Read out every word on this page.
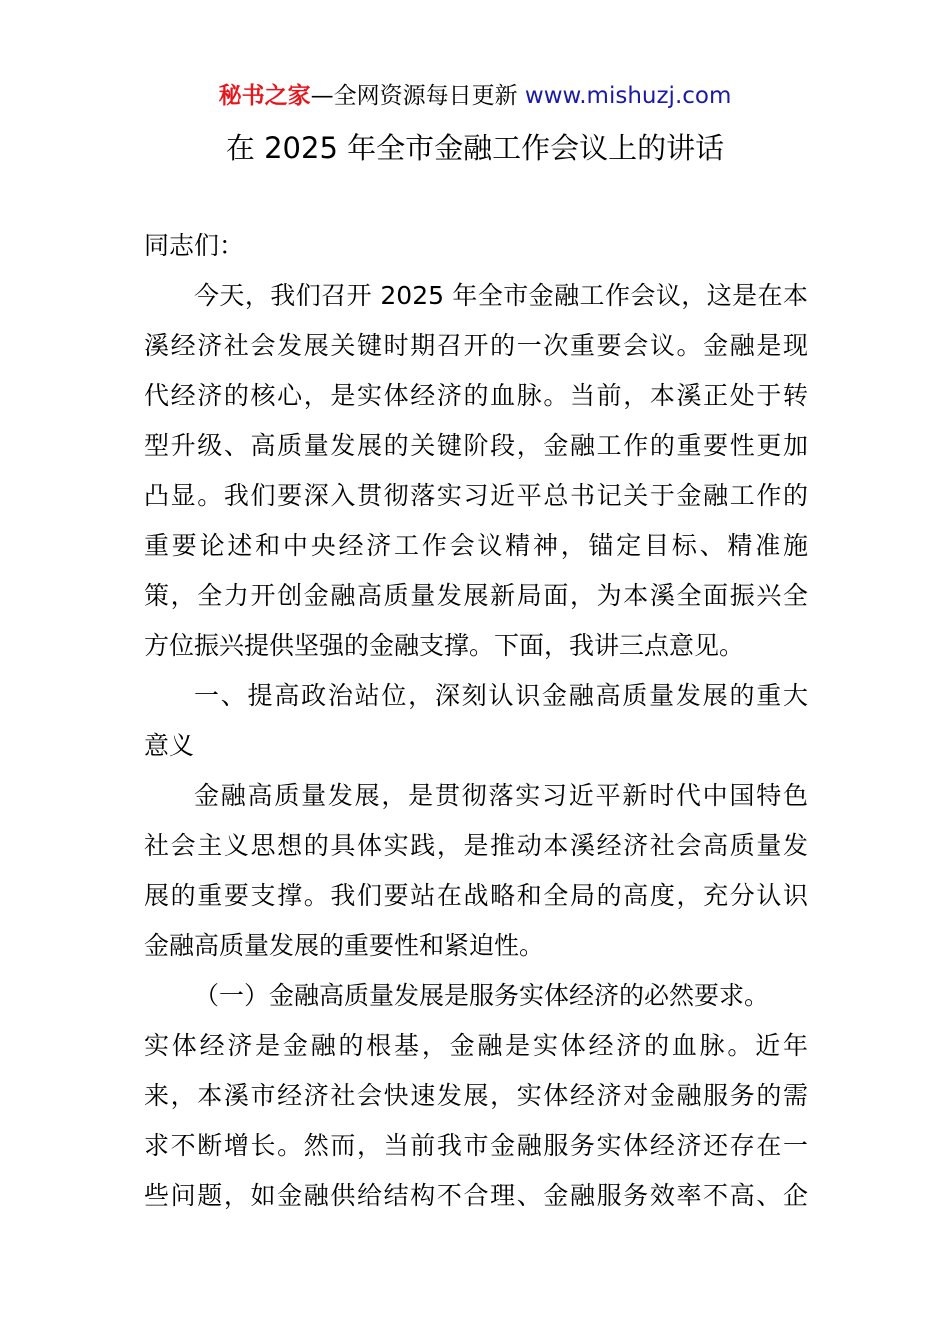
秘书之家—全网资源每日更新 www.mishuzj.com
在 2025 年全市金融工作会议上的讲话
同志们：
今天，我们召开 2025 年全市金融工作会议，这是在本
溪经济社会发展关键时期召开的一次重要会议。金融是现
代经济的核心，是实体经济的血脉。当前，本溪正处于转
型升级、高质量发展的关键阶段，金融工作的重要性更加
凸显。我们要深入贯彻落实习近平总书记关于金融工作的
重要论述和中央经济工作会议精神，锚定目标、精准施
策，全力开创金融高质量发展新局面，为本溪全面振兴全
方位振兴提供坚强的金融支撑。下面，我讲三点意见。
一、提高政治站位，深刻认识金融高质量发展的重大
意义
金融高质量发展，是贯彻落实习近平新时代中国特色
社会主义思想的具体实践，是推动本溪经济社会高质量发
展的重要支撑。我们要站在战略和全局的高度，充分认识
金融高质量发展的重要性和紧迫性。
（一）金融高质量发展是服务实体经济的必然要求。
实体经济是金融的根基，金融是实体经济的血脉。近年
来，本溪市经济社会快速发展，实体经济对金融服务的需
求不断增长。然而，当前我市金融服务实体经济还存在一
些问题，如金融供给结构不合理、金融服务效率不高、企
